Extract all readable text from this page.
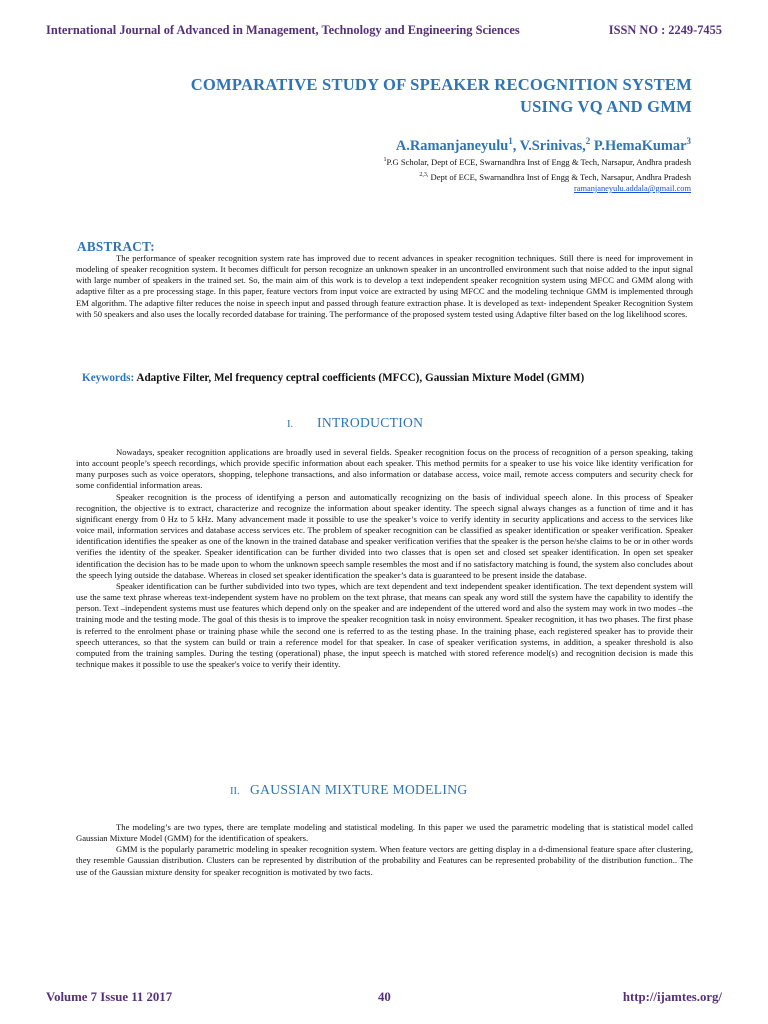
International Journal of Advanced in Management, Technology and Engineering Sciences	ISSN NO : 2249-7455
COMPARATIVE STUDY OF SPEAKER RECOGNITION SYSTEM
USING VQ AND GMM
A.Ramanjaneyulu$^1$, V.Srinivas,$^2$ P.HemaKumar$^3$
$^1$P.G Scholar, Dept of ECE, Swarnandhra Inst of Engg & Tech, Narsapur, Andhra pradesh
$^{2,3,}$ Dept of ECE, Swarnandhra Inst of Engg & Tech, Narsapur, Andhra Pradesh
ramanjaneyulu.addala@gmail.com
ABSTRACT:

The performance of speaker recognition system rate has improved due to recent advances in speaker recognition techniques. Still there is need for improvement in modeling of speaker recognition system. It becomes difficult for person recognize an unknown speaker in an uncontrolled environment such that noise added to the input signal with large number of speakers in the trained set. So, the main aim of this work is to develop a text independent speaker recognition system using MFCC and GMM along with adaptive filter as a pre processing stage. In this paper, feature vectors from input voice are extracted by using MFCC and the modeling technique GMM is implemented through EM algorithm. The adaptive filter reduces the noise in speech input and passed through feature extraction phase. It is developed as text- independent Speaker Recognition System with 50 speakers and also uses the locally recorded database for training. The performance of the proposed system tested using Adaptive filter based on the log likelihood scores.

Keywords: Adaptive Filter, Mel frequency ceptral coefficients (MFCC), Gaussian Mixture Model (GMM)
I. INTRODUCTION

Nowadays, speaker recognition applications are broadly used in several fields. Speaker recognition focus on the process of recognition of a person speaking, taking into account people’s speech recordings, which provide specific information about each speaker. This method permits for a speaker to use his voice like identity verification for many purposes such as voice operators, shopping, telephone transactions, and also information or database access, voice mail, remote access computers and security check for some confidential information areas.

Speaker recognition is the process of identifying a person and automatically recognizing on the basis of individual speech alone. In this process of Speaker recognition, the objective is to extract, characterize and recognize the information about speaker identity. The speech signal always changes as a function of time and it has significant energy from 0 Hz to 5 kHz. Many advancement made it possible to use the speaker’s voice to verify identity in security applications and access to the services like voice mail, information services and database access services etc. The problem of speaker recognition can be classified as speaker identification or speaker verification. Speaker identification identifies the speaker as one of the known in the trained database and speaker verification verifies that the speaker is the person he/she claims to be or in other words verifies the identity of the speaker. Speaker identification can be further divided into two classes that is open set and closed set speaker identification. In open set speaker identification the decision has to be made upon to whom the unknown speech sample resembles the most and if no satisfactory matching is found, the system also concludes about the speech lying outside the database. Whereas in closed set speaker identification the speaker’s data is guaranteed to be present inside the database.

Speaker identification can be further subdivided into two types, which are text dependent and text independent speaker identification. The text dependent system will use the same text phrase whereas text-independent system have no problem on the text phrase, that means can speak any word still the system have the capability to identify the person. Text –independent systems must use features which depend only on the speaker and are independent of the uttered word and also the system may work in two modes –the training mode and the testing mode. The goal of this thesis is to improve the speaker recognition task in noisy environment. Speaker recognition, it has two phases. The first phase is referred to the enrolment phase or training phase while the second one is referred to as the testing phase. In the training phase, each registered speaker has to provide their speech utterances, so that the system can build or train a reference model for that speaker. In case of speaker verification systems, in addition, a speaker threshold is also computed from the training samples. During the testing (operational) phase, the input speech is matched with stored reference model(s) and recognition decision is made this technique makes it possible to use the speaker's voice to verify their identity.

II. GAUSSIAN MIXTURE MODELING

The modeling’s are two types, there are template modeling and statistical modeling. In this paper we used the parametric modeling that is statistical model called Gaussian Mixture Model (GMM) for the identification of speakers.

GMM is the popularly parametric modeling in speaker recognition system. When feature vectors are getting display in a d-dimensional feature space after clustering, they resemble Gaussian distribution. Clusters can be represented by distribution of the probability and Features can be represented probability of the distribution function.. The use of the Gaussian mixture density for speaker recognition is motivated by two facts.

Volume 7 Issue 11 2017	40	http://ijamtes.org/
